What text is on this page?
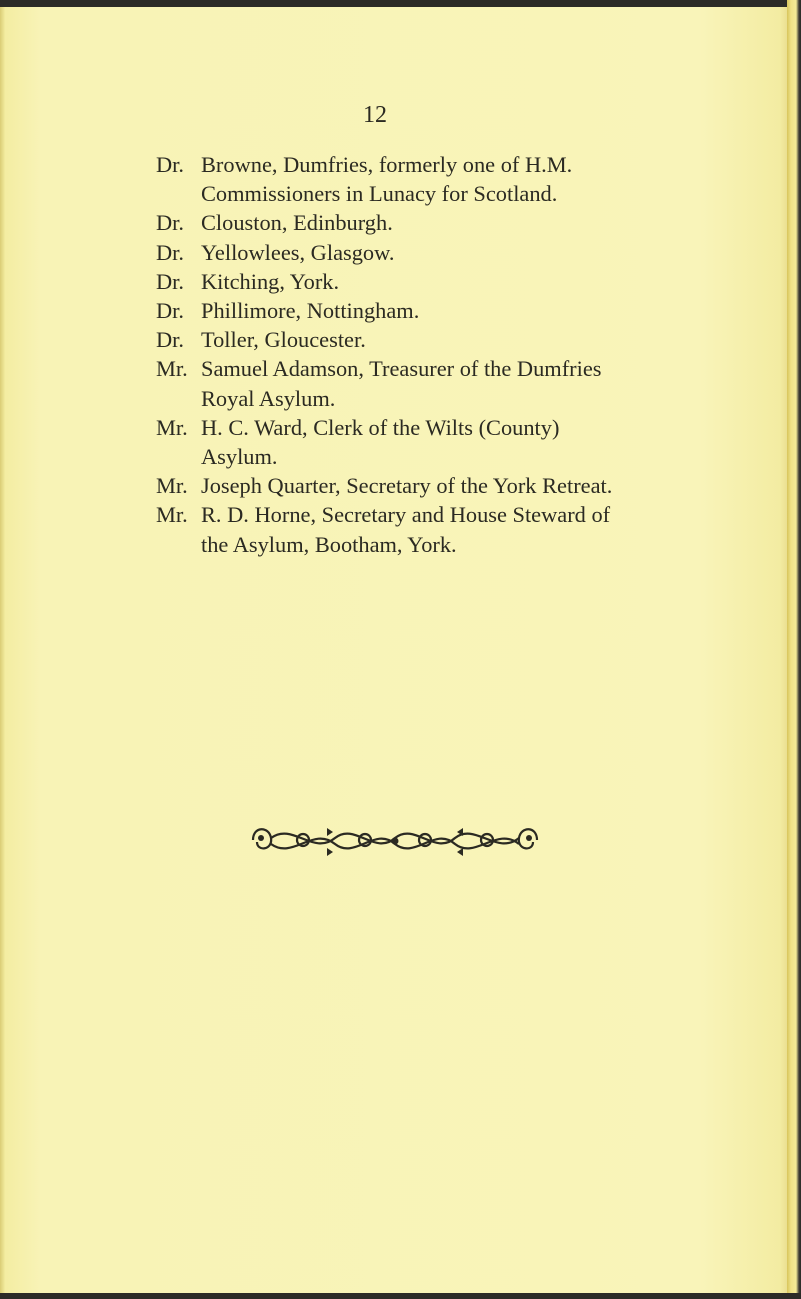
12
Dr. Browne, Dumfries, formerly one of H.M.
Commissioners in Lunacy for Scotland.
Dr. Clouston, Edinburgh.
Dr. Yellowlees, Glasgow.
Dr. Kitching, York.
Dr. Phillimore, Nottingham.
Dr. Toller, Gloucester.
Mr. Samuel Adamson, Treasurer of the Dumfries
Royal Asylum.
Mr. H. C. Ward, Clerk of the Wilts (County)
Asylum.
Mr. Joseph Quarter, Secretary of the York Retreat.
Mr. R. D. Horne, Secretary and House Steward of
the Asylum, Bootham, York.
